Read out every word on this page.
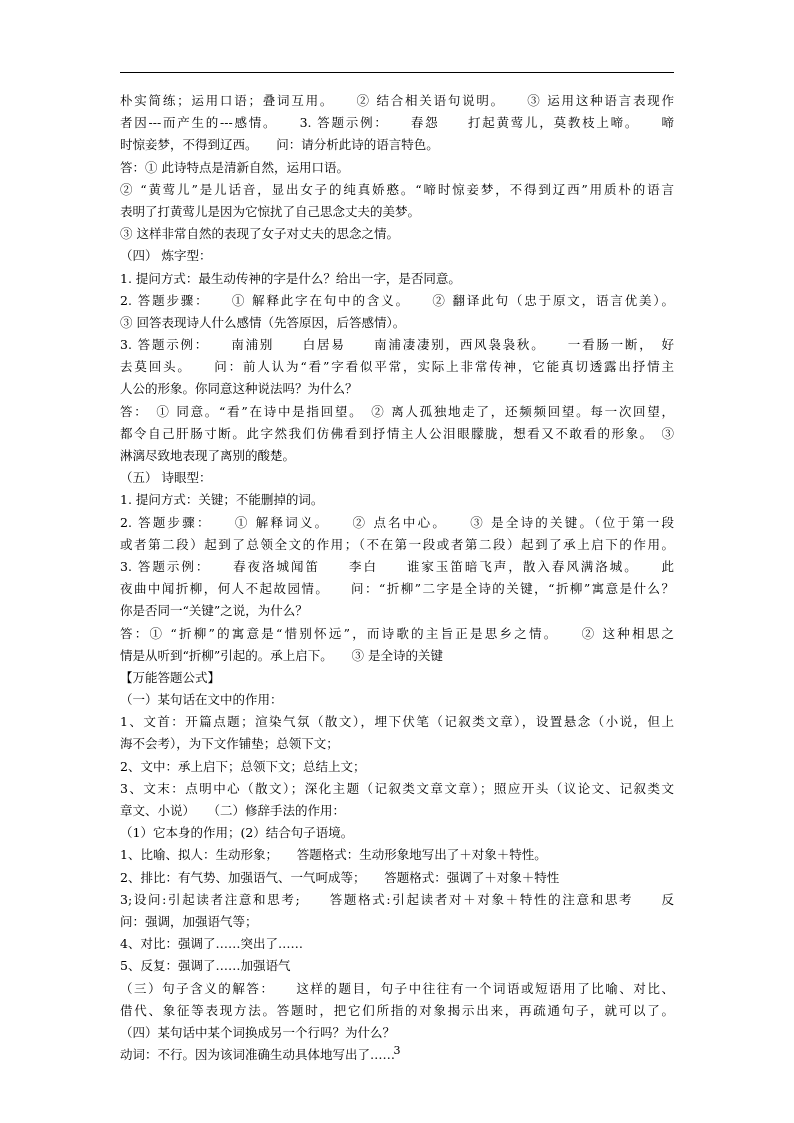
朴实简练；运用口语；叠词互用。　　② 结合相关语句说明。　　③ 运用这种语言表现作
者因---而产生的---感情。　　3. 答题示例：　　春怨　　打起黄莺儿，莫教枝上啼。　　啼
时惊妾梦，不得到辽西。　　问：请分析此诗的语言特色。
答：① 此诗特点是清新自然，运用口语。
② “黄莺儿”是儿话音，显出女子的纯真娇憨。“啼时惊妾梦，不得到辽西”用质朴的语言
表明了打黄莺儿是因为它惊扰了自己思念丈夫的美梦。
③ 这样非常自然的表现了女子对丈夫的思念之情。
（四） 炼字型：
1. 提问方式：最生动传神的字是什么？给出一字，是否同意。
2. 答题步骤：　　① 解释此字在句中的含义。　　② 翻译此句（忠于原文，语言优美）。
③ 回答表现诗人什么感情（先答原因，后答感情）。
3. 答题示例：　　南浦别　　白居易　　南浦凄凄别，西风袅袅秋。　　一看肠一断，　好
去莫回头。　　问：前人认为“看”字看似平常，实际上非常传神，它能真切透露出抒情主
人公的形象。你同意这种说法吗？为什么？
答：　① 同意。“看”在诗中是指回望。　② 离人孤独地走了，还频频回望。每一次回望，
都令自己肝肠寸断。此字然我们仿佛看到抒情主人公泪眼朦胧，想看又不敢看的形象。　③
淋漓尽致地表现了离别的酸楚。
（五） 诗眼型：
1. 提问方式：关键；不能删掉的词。
2. 答题步骤：　　① 解释词义。　　② 点名中心。　　③ 是全诗的关键。（位于第一段
或者第二段）起到了总领全文的作用；（不在第一段或者第二段）起到了承上启下的作用。
3. 答题示例：　　春夜洛城闻笛　　李白　　谁家玉笛暗飞声，散入春风满洛城。　　此
夜曲中闻折柳，何人不起故园情。　　问：“折柳”二字是全诗的关键，“折柳”寓意是什么？
你是否同一“关键”之说，为什么？
答：① “折柳”的寓意是“惜别怀远”，而诗歌的主旨正是思乡之情。　　② 这种相思之
情是从听到“折柳”引起的。承上启下。　　③ 是全诗的关键
【万能答题公式】
（一）某句话在文中的作用：
1、文首：开篇点题；渲染气氛（散文），埋下伏笔（记叙类文章），设置悬念（小说，但上
海不会考），为下文作铺垫；总领下文；
2、文中：承上启下；总领下文；总结上文；
3、文末：点明中心（散文）；深化主题（记叙类文章文章）；照应开头（议论文、记叙类文
章文、小说）　　（二）修辞手法的作用：
（1）它本身的作用；(2）结合句子语境。
1、比喻、拟人：生动形象；　　答题格式：生动形象地写出了＋对象＋特性。
2、排比：有气势、加强语气、一气呵成等；　　答题格式：强调了＋对象＋特性
3;设问:引起读者注意和思考;　　答题格式:引起读者对＋对象＋特性的注意和思考　　反
问：强调，加强语气等；
4、对比：强调了……突出了……
5、反复：强调了……加强语气
（三）句子含义的解答：　　这样的题目，句子中往往有一个词语或短语用了比喻、对比、
借代、象征等表现方法。答题时，把它们所指的对象揭示出来，再疏通句子，就可以了。
（四）某句话中某个词换成另一个行吗？为什么？
动词：不行。因为该词准确生动具体地写出了……
3
